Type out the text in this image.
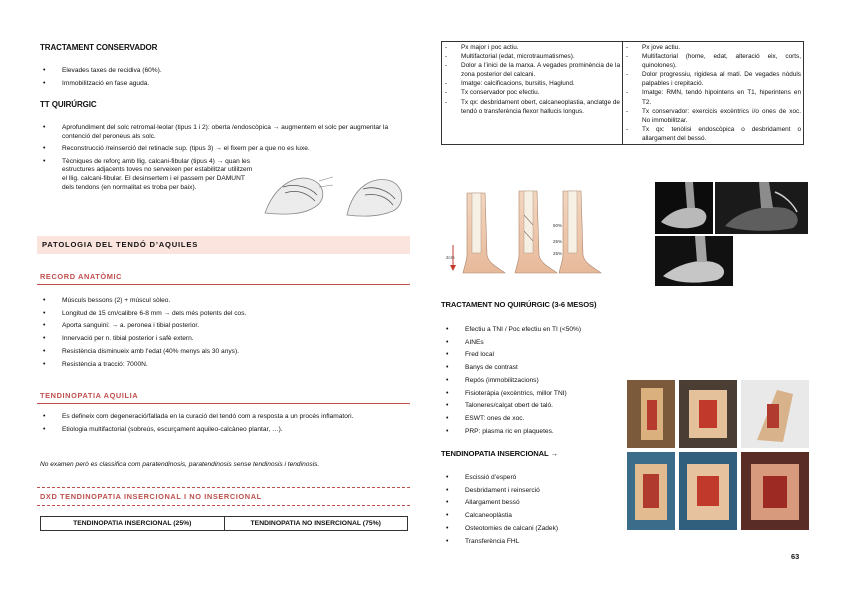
TRACTAMENT CONSERVADOR
• Elevades taxes de recidiva (60%).
• Immobilització en fase aguda.
TT QUIRÚRGIC
• Aprofundiment del solc retromal·leolar (tipus 1 i 2): oberta /endoscòpica → augmentem el solc per augmentar la contenció del peroneus als solc.
• Reconstrucció /reinserció del retinacle sup. (tipus 3) → el fixem per a que no es luxe.
• Tècniques de reforç amb llig. calcani-fibular (tipus 4) → quan les estructures adjacents toves no serveixen per estabilitzar utilitzem el llig. calcani-fibular. El desinsertem i el passem per DAMUNT dels tendons (en normalitat es troba per baix).
PATOLOGIA DEL TENDÓ D’AQUILES
RECORD ANATÒMIC
• Músculs bessons (2) + múscul sòleo.
• Longitud de 15 cm/calibre 6-8 mm → dels més potents del cos.
• Aporta sanguini: → a. peronea i tibial posterior.
• Innervació per n. tibial posterior i safè extern.
• Resistència disminueix amb l’edat (40% menys als 30 anys).
• Resistència a tracció: 7000N.
TENDINOPATIA AQUILIA
• Es defineix com degeneració/fallada en la curació del tendó com a resposta a un procés inflamatori.
• Etiologia multifactorial (sobreús, escurçament aquileo-calcàneo plantar, …).
No examen però es classifica com paratendinosis, paratendinosis sense tendinosis i tendinosis.
DXD TENDINOPATIA INSERCIONAL I NO INSERCIONAL
TENDINOPATIA INSERCIONAL (25%)	TENDINOPATIA NO INSERCIONAL (75%)
- Px major i poc actiu.
- Multifactorial (edat, microtraumatismes).
- Dolor a l’inici de la marxa. A vegades prominència de la zona posterior del calcani.
- Imatge: calcificacions, bursitis, Haglund.
- Tx conservador poc efectiu.
- Tx qx: desbridament obert, calcaneoplastia, anclatge de tendó o transferència flexor hallucis longus.

- Px jove actiu.
- Multifactorial (home, edat, alteració eix, corts, quinolones).
- Dolor progressiu, rigidesa al matí. De vegades nòduls palpables i crepitació.
- Imatge: RMN, tendó hipointens en T1, hiperintens en T2.
- Tx conservador: exercicis excèntrics i/o ones de xoc. No immobilitzar.
- Tx qx: tenòlisi endoscòpica o desbridament o allargament del bessó.
2cm
50%
25%
25%
TRACTAMENT NO QUIRÚRGIC (3-6 MESOS)
• Efectiu a TNI / Poc efectiu en TI (<50%)
• AINEs
• Fred local
• Banys de contrast
• Repós (immobilitzacions)
• Fisioteràpia (excèntrics, millor TNI)
• Taloneres/calçat obert de taló.
• ESWT: ones de xoc.
• PRP: plasma ric en plaquetes.
TENDINOPATIA INSERCIONAL →
• Escissió d’esperó
• Desbridament i reinserció
• Allargament bessó
• Calcaneoplàstia
• Osteotomies de calcani (Zadek)
• Transferència FHL
63
